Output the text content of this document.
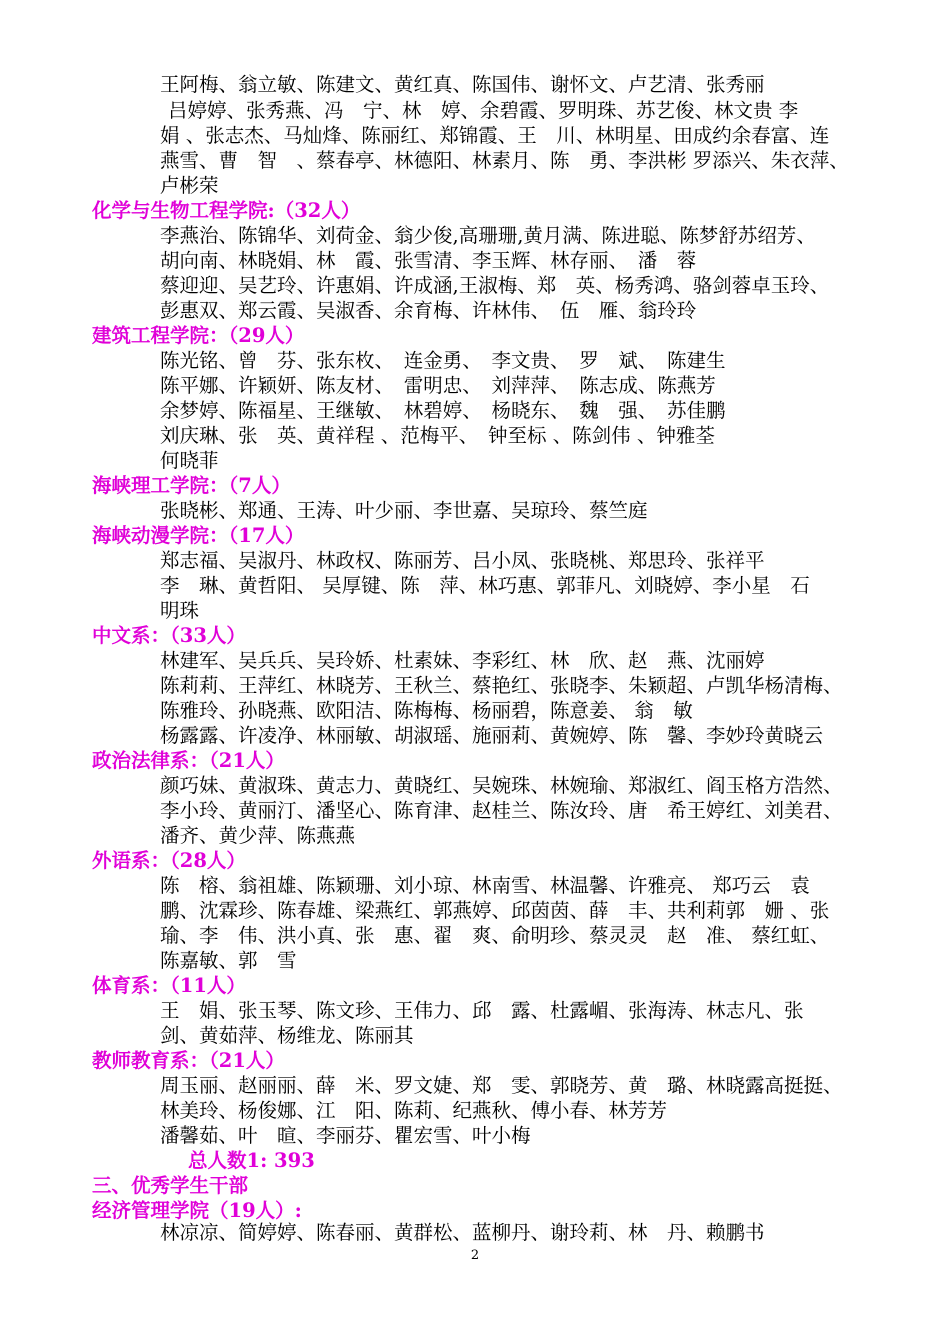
王阿梅、翁立敏、陈建文、黄红真、陈国伟、谢怀文、卢艺清、张秀丽
吕婷婷、张秀燕、冯　宁、林　婷、余碧霞、罗明珠、苏艺俊、林文贵 李
娟 、张志杰、马灿烽、陈丽红、郑锦霞、王　川、林明星、田成约余春富、连
燕雪、曹　智　、蔡春亭、林德阳、林素月、陈　勇、李洪彬 罗添兴、朱衣萍、
卢彬荣
化学与生物工程学院:（32人）
李燕治、陈锦华、刘荷金、翁少俊,高珊珊,黄月满、陈进聪、陈梦舒苏绍芳、
胡向南、林晓娟、林　霞、张雪清、李玉辉、林存丽、　潘　蓉
蔡迎迎、吴艺玲、许惠娟、许成涵,王淑梅、郑　英、杨秀鸿、骆剑蓉卓玉玲、
彭惠双、郑云霞、吴淑香、余育梅、许林伟、　伍　雁、翁玲玲
建筑工程学院：（29人）
陈光铭、曾　芬、张东枚、　连金勇、　李文贵、　罗　斌、　陈建生
陈平娜、许颖妍、陈友材、　雷明忠、　刘萍萍、　陈志成、陈燕芳
余梦婷、陈福星、王继敏、　林碧婷、　杨晓东、　魏　强、　苏佳鹏
刘庆琳、张　英、黄祥程 、范梅平、　钟至标 、陈剑伟 、钟雅荃
何晓菲
海峡理工学院：（7人）
张晓彬、郑通、王涛、叶少丽、李世嘉、吴琼玲、蔡竺庭
海峡动漫学院：（17人）
郑志福、吴淑丹、林政权、陈丽芳、吕小凤、张晓桃、郑思玲、张祥平
李　琳、黄哲阳、 吴厚键、陈　萍、林巧惠、郭菲凡、刘晓婷、李小星　石
明珠
中文系：（33人）
林建军、吴兵兵、吴玲娇、杜素妹、李彩红、林　欣、赵　燕、沈丽婷
陈莉莉、王萍红、林晓芳、王秋兰、蔡艳红、张晓李、朱颖超、卢凯华杨清梅、
陈雅玲、孙晓燕、欧阳洁、陈梅梅、杨丽碧，陈意姜、 翁　敏
杨露露、许凌净、林丽敏、胡淑瑶、施丽莉、黄婉婷、陈　馨、李妙玲黄晓云
政治法律系：（21人）
颜巧妹、黄淑珠、黄志力、黄晓红、吴婉珠、林婉瑜、郑淑红、阎玉格方浩然、
李小玲、黄丽汀、潘坚心、陈育津、赵桂兰、陈汝玲、唐　希王婷红、刘美君、
潘齐、黄少萍、陈燕燕
外语系：（28人）
陈　榕、翁祖雄、陈颖珊、刘小琼、林南雪、林温馨、许雅亮、 郑巧云　袁
鹏、沈霖珍、陈春雄、梁燕红、郭燕婷、邱茵茵、薛　丰、共利莉郭　姗 、张
瑜、李　伟、洪小真、张　惠、翟　爽、俞明珍、蔡灵灵　赵　准、 蔡红虹、
陈嘉敏、郭　雪
体育系：（11人）
王　娟、张玉琴、陈文珍、王伟力、邱　露、杜露嵋、张海涛、林志凡、张
剑、黄茹萍、杨维龙、陈丽其
教师教育系：（21人）
周玉丽、赵丽丽、薛　米、罗文婕、郑　雯、郭晓芳、黄　璐、林晓露高挺挺、
林美玲、杨俊娜、江　阳、陈莉、纪燕秋、傅小春、林芳芳
潘馨茹、叶　暄、李丽芬、瞿宏雪、叶小梅
总人数1: 393
三、优秀学生干部
经济管理学院（19人）:
林凉凉、简婷婷、陈春丽、黄群松、蓝柳丹、谢玲莉、林　丹、赖鹏书
2
